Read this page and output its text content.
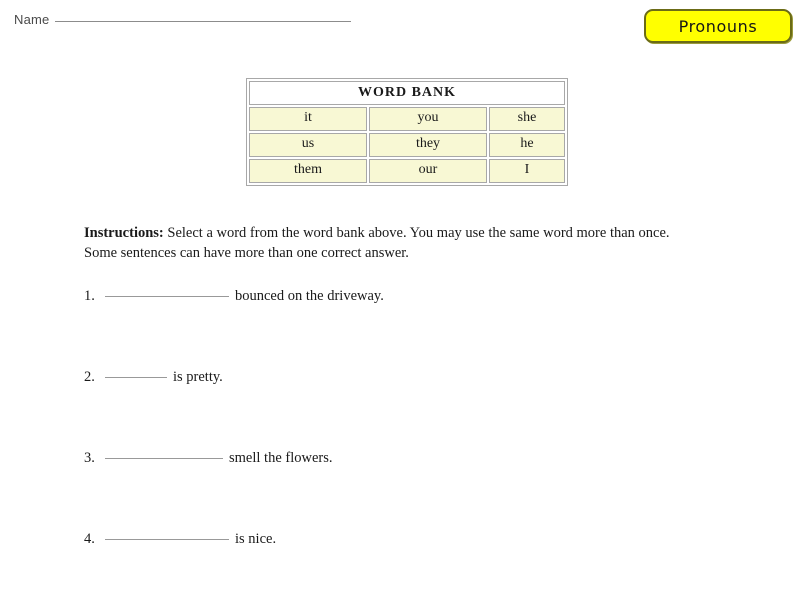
Name	Pronouns
WORD BANK
it	you	she
us	they	he
them	our	I
Instructions: Select a word from the word bank above. You may use the same word more than once. Some sentences can have more than one correct answer.
1.	bounced on the driveway.
2.	is pretty.
3.	smell the flowers.
4.	is nice.
